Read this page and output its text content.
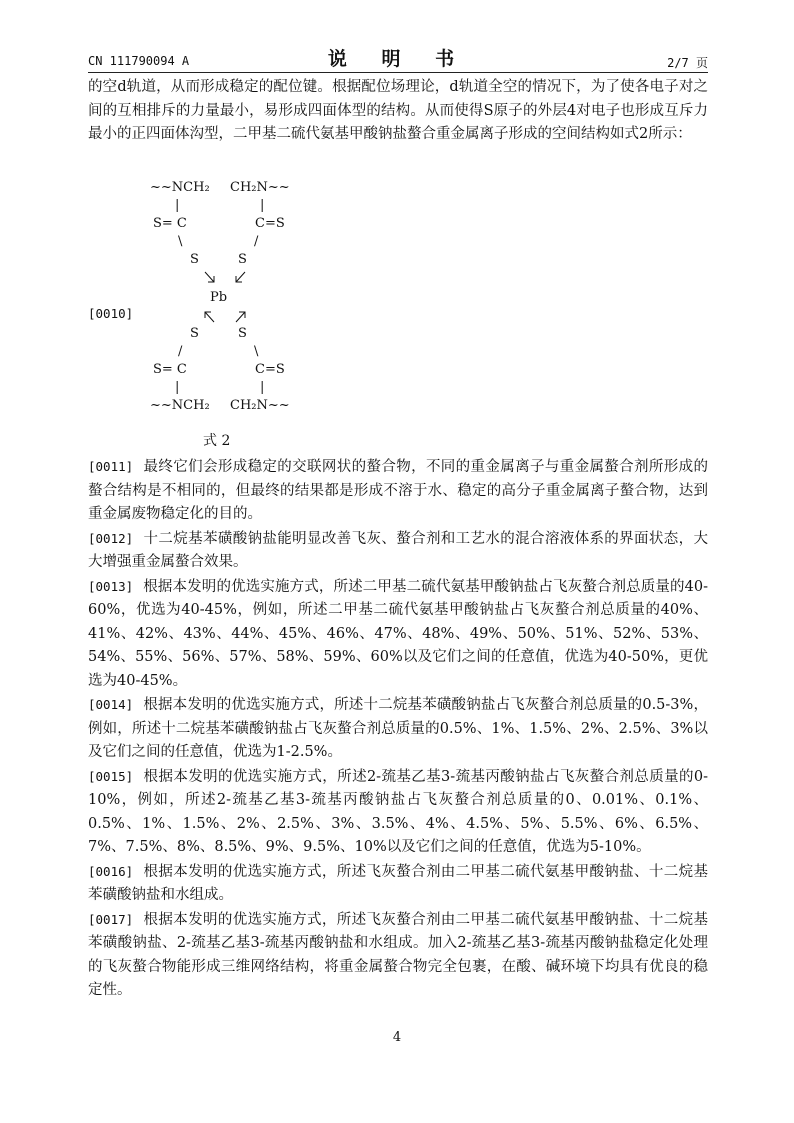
CN 111790094 A	说 明 书	2/7 页

的空d轨道，从而形成稳定的配位键。根据配位场理论，d轨道全空的情况下，为了使各电子对之间的互相排斥的力量最小，易形成四面体型的结构。从而使得S原子的外层4对电子也形成互斥力最小的正四面体沟型，二甲基二硫代氨基甲酸钠盐螯合重金属离子形成的空间结构如式2所示：

[0010]
~~NCH₂ CH₂N~~
|	|
S= C	C=S
\	/
S	S
Pb
S	S
/	\
S= C	C=S
|	|
~~NCH₂ CH₂N~~
式 2

[0011] 最终它们会形成稳定的交联网状的螯合物，不同的重金属离子与重金属螯合剂所形成的螯合结构是不相同的，但最终的结果都是形成不溶于水、稳定的高分子重金属离子螯合物，达到重金属废物稳定化的目的。

[0012] 十二烷基苯磺酸钠盐能明显改善飞灰、螯合剂和工艺水的混合溶液体系的界面状态，大大增强重金属螯合效果。

[0013] 根据本发明的优选实施方式，所述二甲基二硫代氨基甲酸钠盐占飞灰螯合剂总质量的40-60%，优选为40-45%，例如，所述二甲基二硫代氨基甲酸钠盐占飞灰螯合剂总质量的40%、41%、42%、43%、44%、45%、46%、47%、48%、49%、50%、51%、52%、53%、54%、55%、56%、57%、58%、59%、60%以及它们之间的任意值，优选为40-50%，更优选为40-45%。

[0014] 根据本发明的优选实施方式，所述十二烷基苯磺酸钠盐占飞灰螯合剂总质量的0.5-3%，例如，所述十二烷基苯磺酸钠盐占飞灰螯合剂总质量的0.5%、1%、1.5%、2%、2.5%、3%以及它们之间的任意值，优选为1-2.5%。

[0015] 根据本发明的优选实施方式，所述2-巯基乙基3-巯基丙酸钠盐占飞灰螯合剂总质量的0-10%，例如，所述2-巯基乙基3-巯基丙酸钠盐占飞灰螯合剂总质量的0、0.01%、0.1%、0.5%、1%、1.5%、2%、2.5%、3%、3.5%、4%、4.5%、5%、5.5%、6%、6.5%、7%、7.5%、8%、8.5%、9%、9.5%、10%以及它们之间的任意值，优选为5-10%。

[0016] 根据本发明的优选实施方式，所述飞灰螯合剂由二甲基二硫代氨基甲酸钠盐、十二烷基苯磺酸钠盐和水组成。

[0017] 根据本发明的优选实施方式，所述飞灰螯合剂由二甲基二硫代氨基甲酸钠盐、十二烷基苯磺酸钠盐、2-巯基乙基3-巯基丙酸钠盐和水组成。加入2-巯基乙基3-巯基丙酸钠盐稳定化处理的飞灰螯合物能形成三维网络结构，将重金属螯合物完全包裹，在酸、碱环境下均具有优良的稳定性。

4
